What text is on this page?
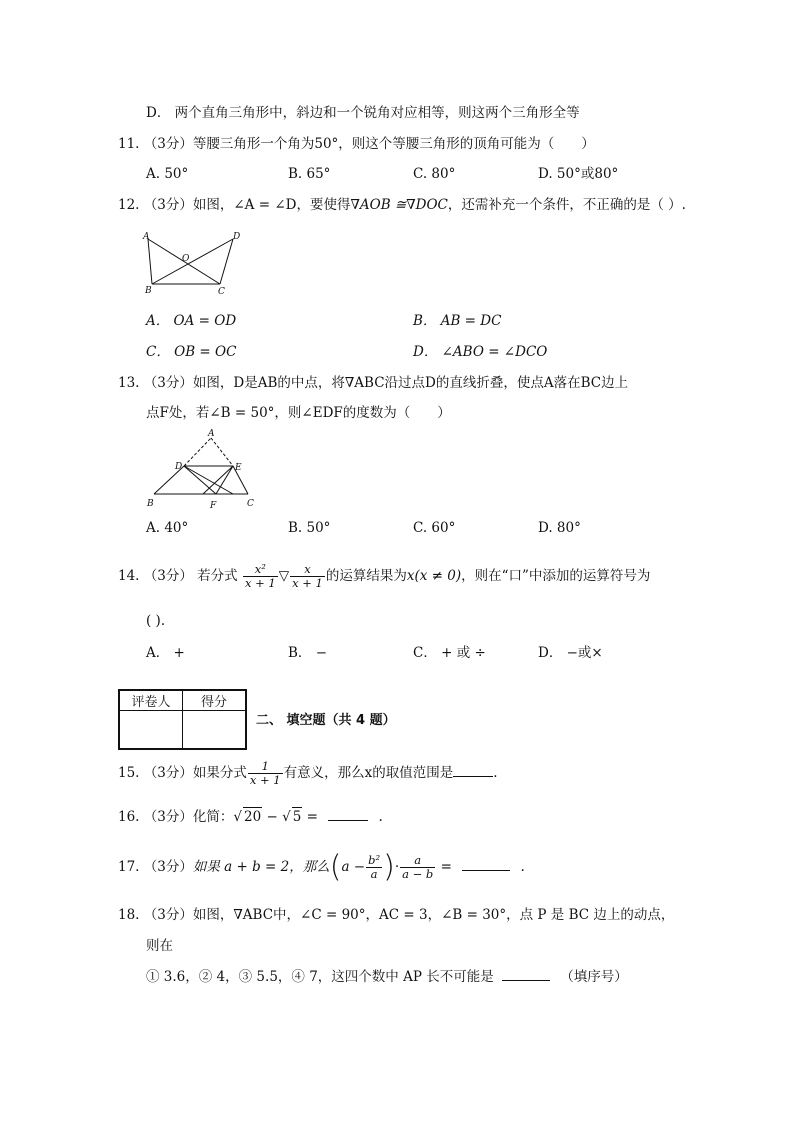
D． 两个直角三角形中，斜边和一个锐角对应相等，则这两个三角形全等
11. （3分）等腰三角形一个角为50°，则这个等腰三角形的顶角可能为（　　）
A. 50°	B. 65°	C. 80°	D. 50°或80°
12. （3分）如图，∠A = ∠D，要使得∇AOB ≅∇DOC，还需补充一个条件，不正确的是（ ）.
A	D
O
B	C
A． OA = OD	B． AB = DC
C． OB = OC	D． ∠ABO = ∠DCO
13. （3分）如图，D是AB的中点，将∇ABC沿过点D的直线折叠，使点A落在BC边上
点F处，若∠B = 50°，则∠EDF的度数为（　　）
A
D	E
B	F	C
A. 40°	B. 50°	C. 60°	D. 80°
14. （3分） 若分式 $\frac{\text{x²}}{x + 1}$ ▽ $\frac{x}{x + 1}$ 的运算结果为x(x ≠ 0)，则在“口”中添加的运算符号为
( ).
A． +	B． −	C． + 或 ÷	D． −或×
评卷人	得分

二、 填空题（共 4 题）
15. （3分）如果分式 $\frac{1}{x + 1}$ 有意义，那么x的取值范围是	.
16. （3分）化简：√ 20 − √ 5 =	.
17. （3分）如果 a + b = 2，那么($a - \frac{\text{b²}}{a}$ )· $\frac{a}{a - b}$ =	.
18. （3分）如图，∇ABC中，∠C = 90°，AC = 3，∠B = 30°，点 P 是 BC 边上的动点，
则在
① 3.6，② 4，③ 5.5，④ 7，这四个数中 AP 长不可能是	（填序号）
